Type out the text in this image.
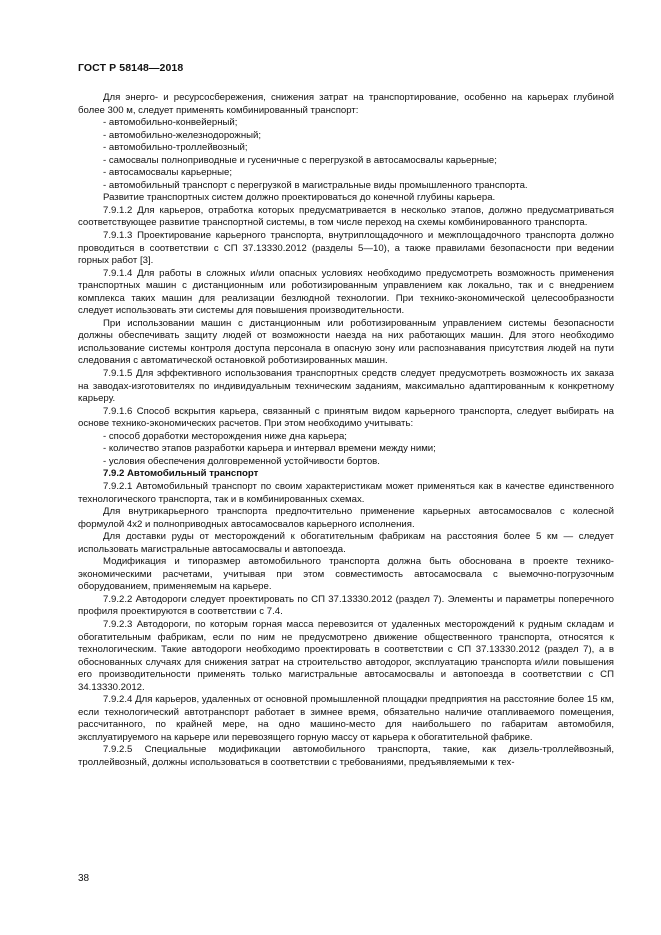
ГОСТ Р 58148—2018

Для энерго- и ресурсосбережения, снижения затрат на транспортирование, особенно на карьерах глубиной более 300 м, следует применять комбинированный транспорт:

- автомобильно-конвейерный;
- автомобильно-железнодорожный;
- автомобильно-троллейвозный;
- самосвалы полноприводные и гусеничные с перегрузкой в автосамосвалы карьерные;
- автосамосвалы карьерные;
- автомобильный транспорт с перегрузкой в магистральные виды промышленного транспорта.

Развитие транспортных систем должно проектироваться до конечной глубины карьера.

7.9.1.2 Для карьеров, отработка которых предусматривается в несколько этапов, должно предусматриваться соответствующее развитие транспортной системы, в том числе переход на схемы комбинированного транспорта.

7.9.1.3 Проектирование карьерного транспорта, внутриплощадочного и межплощадочного транспорта должно проводиться в соответствии с СП 37.13330.2012 (разделы 5—10), а также правилами безопасности при ведении горных работ [3].

7.9.1.4 Для работы в сложных и/или опасных условиях необходимо предусмотреть возможность применения транспортных машин с дистанционным или роботизированным управлением как локально, так и с внедрением комплекса таких машин для реализации безлюдной технологии. При технико-экономической целесообразности следует использовать эти системы для повышения производительности.

При использовании машин с дистанционным или роботизированным управлением системы безопасности должны обеспечивать защиту людей от возможности наезда на них работающих машин. Для этого необходимо использование системы контроля доступа персонала в опасную зону или распознавания присутствия людей на пути следования с автоматической остановкой роботизированных машин.

7.9.1.5 Для эффективного использования транспортных средств следует предусмотреть возможность их заказа на заводах-изготовителях по индивидуальным техническим заданиям, максимально адаптированным к конкретному карьеру.

7.9.1.6 Способ вскрытия карьера, связанный с принятым видом карьерного транспорта, следует выбирать на основе технико-экономических расчетов. При этом необходимо учитывать:

- способ доработки месторождения ниже дна карьера;
- количество этапов разработки карьера и интервал времени между ними;
- условия обеспечения долговременной устойчивости бортов.

7.9.2 Автомобильный транспорт

7.9.2.1 Автомобильный транспорт по своим характеристикам может применяться как в качестве единственного технологического транспорта, так и в комбинированных схемах.

Для внутрикарьерного транспорта предпочтительно применение карьерных автосамосвалов с колесной формулой 4х2 и полноприводных автосамосвалов карьерного исполнения.

Для доставки руды от месторождений к обогатительным фабрикам на расстояния более 5 км — следует использовать магистральные автосамосвалы и автопоезда.

Модификация и типоразмер автомобильного транспорта должна быть обоснована в проекте технико-экономическими расчетами, учитывая при этом совместимость автосамосвала с выемочно-погрузочным оборудованием, применяемым на карьере.

7.9.2.2 Автодороги следует проектировать по СП 37.13330.2012 (раздел 7). Элементы и параметры поперечного профиля проектируются в соответствии с 7.4.

7.9.2.3 Автодороги, по которым горная масса перевозится от удаленных месторождений к рудным складам и обогатительным фабрикам, если по ним не предусмотрено движение общественного транспорта, относятся к технологическим. Такие автодороги необходимо проектировать в соответствии с СП 37.13330.2012 (раздел 7), а в обоснованных случаях для снижения затрат на строительство автодорог, эксплуатацию транспорта и/или повышения его производительности применять только магистральные автосамосвалы и автопоезда в соответствии с СП 34.13330.2012.

7.9.2.4 Для карьеров, удаленных от основной промышленной площадки предприятия на расстояние более 15 км, если технологический автотранспорт работает в зимнее время, обязательно наличие отапливаемого помещения, рассчитанного, по крайней мере, на одно машино-место для наибольшего по габаритам автомобиля, эксплуатируемого на карьере или перевозящего горную массу от карьера к обогатительной фабрике.

7.9.2.5 Специальные модификации автомобильного транспорта, такие, как дизель-троллейвозный, троллейвозный, должны использоваться в соответствии с требованиями, предъявляемыми к тех-

38
